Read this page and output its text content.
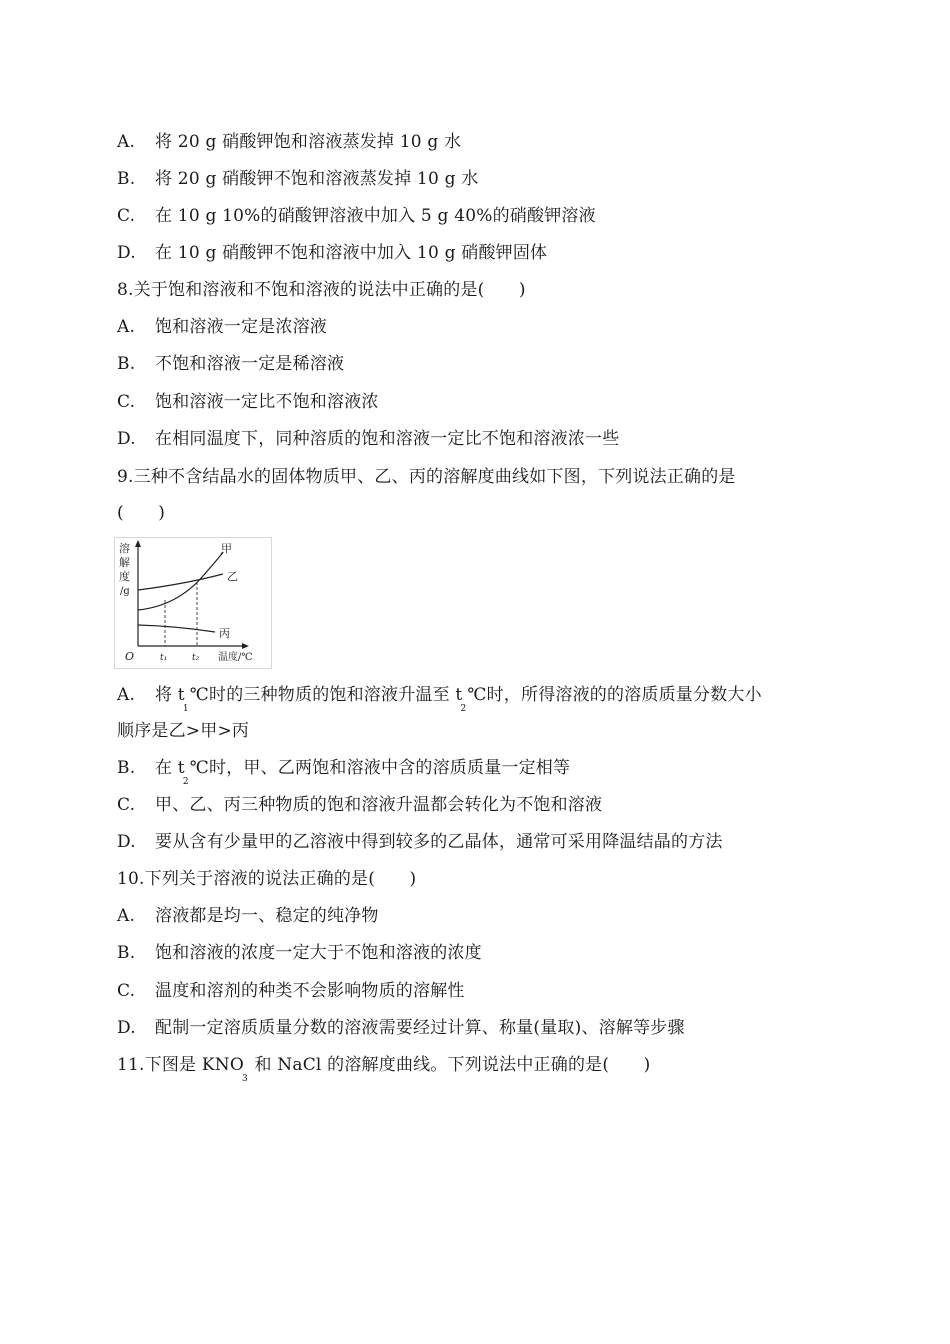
A. 将 20 g 硝酸钾饱和溶液蒸发掉 10 g 水
B. 将 20 g 硝酸钾不饱和溶液蒸发掉 10 g 水
C. 在 10 g 10%的硝酸钾溶液中加入 5 g 40%的硝酸钾溶液
D. 在 10 g 硝酸钾不饱和溶液中加入 10 g 硝酸钾固体
8.关于饱和溶液和不饱和溶液的说法中正确的是(　　)
A. 饱和溶液一定是浓溶液
B. 不饱和溶液一定是稀溶液
C. 饱和溶液一定比不饱和溶液浓
D. 在相同温度下，同种溶质的饱和溶液一定比不饱和溶液浓一些
9.三种不含结晶水的固体物质甲、乙、丙的溶解度曲线如下图，下列说法正确的是
(　　)
溶
解
度
/g
甲
乙
丙
O	t₁	t₂ 温度/℃
A. 将 $t_1℃$时的三种物质的饱和溶液升温至 $t_2℃$时，所得溶液的的溶质质量分数大小
顺序是乙>甲>丙
B. 在 $t_2℃$时，甲、乙两饱和溶液中含的溶质质量一定相等
C. 甲、乙、丙三种物质的饱和溶液升温都会转化为不饱和溶液
D. 要从含有少量甲的乙溶液中得到较多的乙晶体，通常可采用降温结晶的方法
10.下列关于溶液的说法正确的是(　　)
A. 溶液都是均一、稳定的纯净物
B. 饱和溶液的浓度一定大于不饱和溶液的浓度
C. 温度和溶剂的种类不会影响物质的溶解性
D. 配制一定溶质质量分数的溶液需要经过计算、称量(量取)、溶解等步骤
11.下图是 $KNO_3$ 和 NaCl 的溶解度曲线。下列说法中正确的是(　　)
